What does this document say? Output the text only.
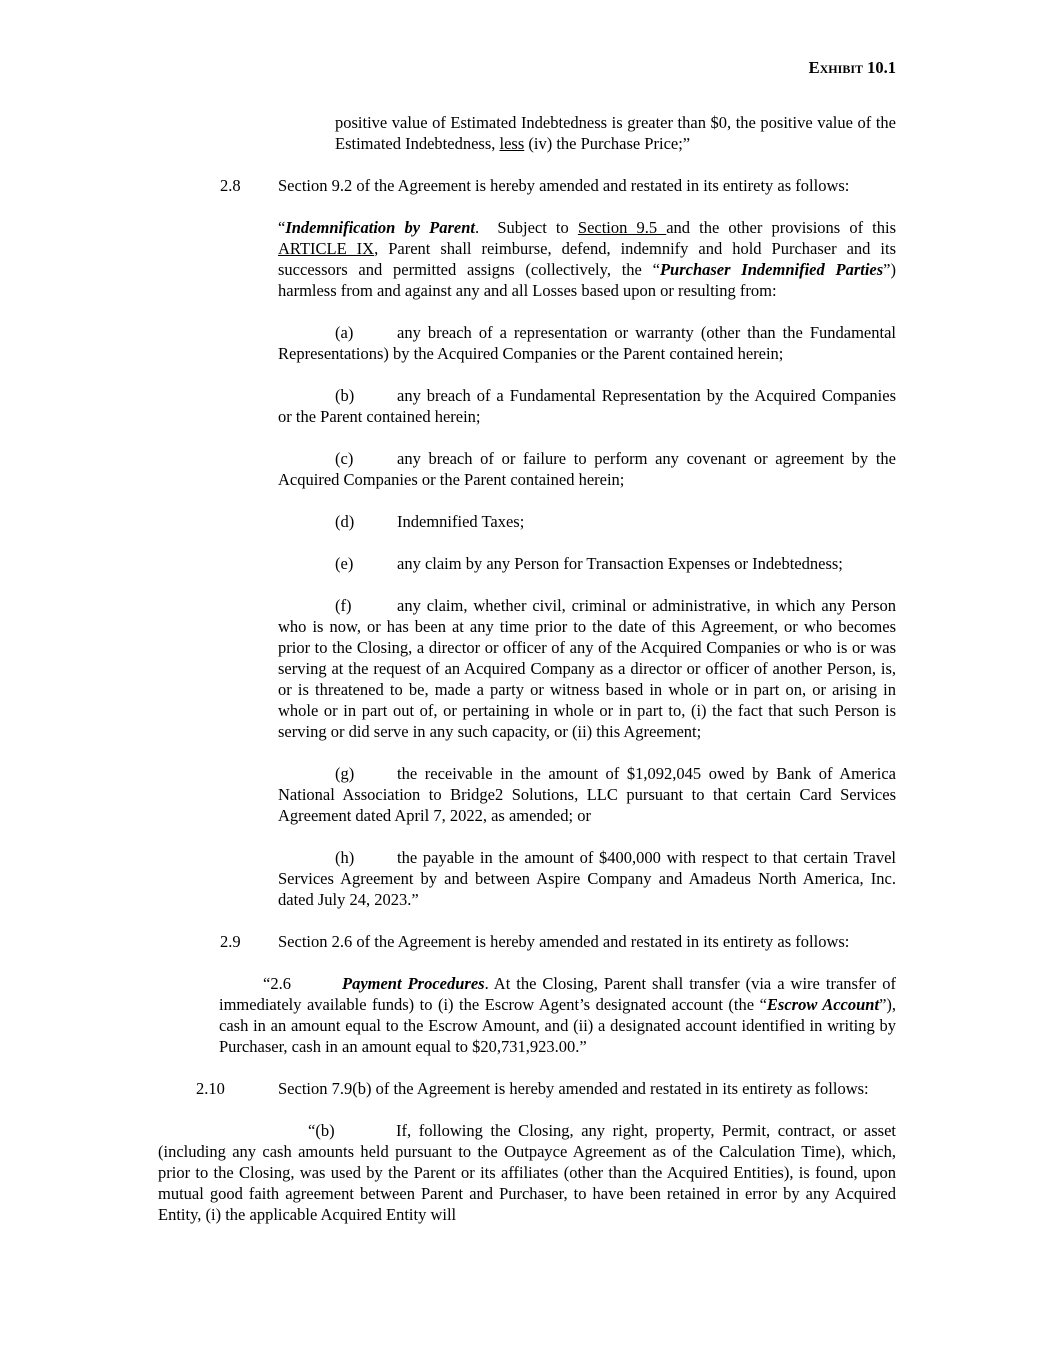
Exhibit 10.1

positive value of Estimated Indebtedness is greater than $0, the positive value of the Estimated Indebtedness, less (iv) the Purchase Price;”

2.8 Section 9.2 of the Agreement is hereby amended and restated in its entirety as follows:

“Indemnification by Parent.  Subject to Section 9.5 and the other provisions of this ARTICLE IX, Parent shall reimburse, defend, indemnify and hold Purchaser and its successors and permitted assigns (collectively, the “Purchaser Indemnified Parties”) harmless from and against any and all Losses based upon or resulting from:

(a)	any breach of a representation or warranty (other than the Fundamental Representations) by the Acquired Companies or the Parent contained herein;

(b)	any breach of a Fundamental Representation by the Acquired Companies or the Parent contained herein;

(c)	any breach of or failure to perform any covenant or agreement by the Acquired Companies or the Parent contained herein;

(d)	Indemnified Taxes;

(e)	any claim by any Person for Transaction Expenses or Indebtedness;

(f)	any claim, whether civil, criminal or administrative, in which any Person who is now, or has been at any time prior to the date of this Agreement, or who becomes prior to the Closing, a director or officer of any of the Acquired Companies or who is or was serving at the request of an Acquired Company as a director or officer of another Person, is, or is threatened to be, made a party or witness based in whole or in part on, or arising in whole or in part out of, or pertaining in whole or in part to, (i) the fact that such Person is serving or did serve in any such capacity, or (ii) this Agreement;

(g)	the receivable in the amount of $1,092,045 owed by Bank of America National Association to Bridge2 Solutions, LLC pursuant to that certain Card Services Agreement dated April 7, 2022, as amended; or

(h)	the payable in the amount of $400,000 with respect to that certain Travel Services Agreement by and between Aspire Company and Amadeus North America, Inc. dated July 24, 2023.”

2.9 Section 2.6 of the Agreement is hereby amended and restated in its entirety as follows:

“2.6	Payment Procedures. At the Closing, Parent shall transfer (via a wire transfer of immediately available funds) to (i) the Escrow Agent’s designated account (the “Escrow Account”), cash in an amount equal to the Escrow Amount, and (ii) a designated account identified in writing by Purchaser, cash in an amount equal to $20,731,923.00.”

2.10	Section 7.9(b) of the Agreement is hereby amended and restated in its entirety as follows:

“(b)	If, following the Closing, any right, property, Permit, contract, or asset (including any cash amounts held pursuant to the Outpayce Agreement as of the Calculation Time), which, prior to the Closing, was used by the Parent or its affiliates (other than the Acquired Entities), is found, upon mutual good faith agreement between Parent and Purchaser, to have been retained in error by any Acquired Entity, (i) the applicable Acquired Entity will
